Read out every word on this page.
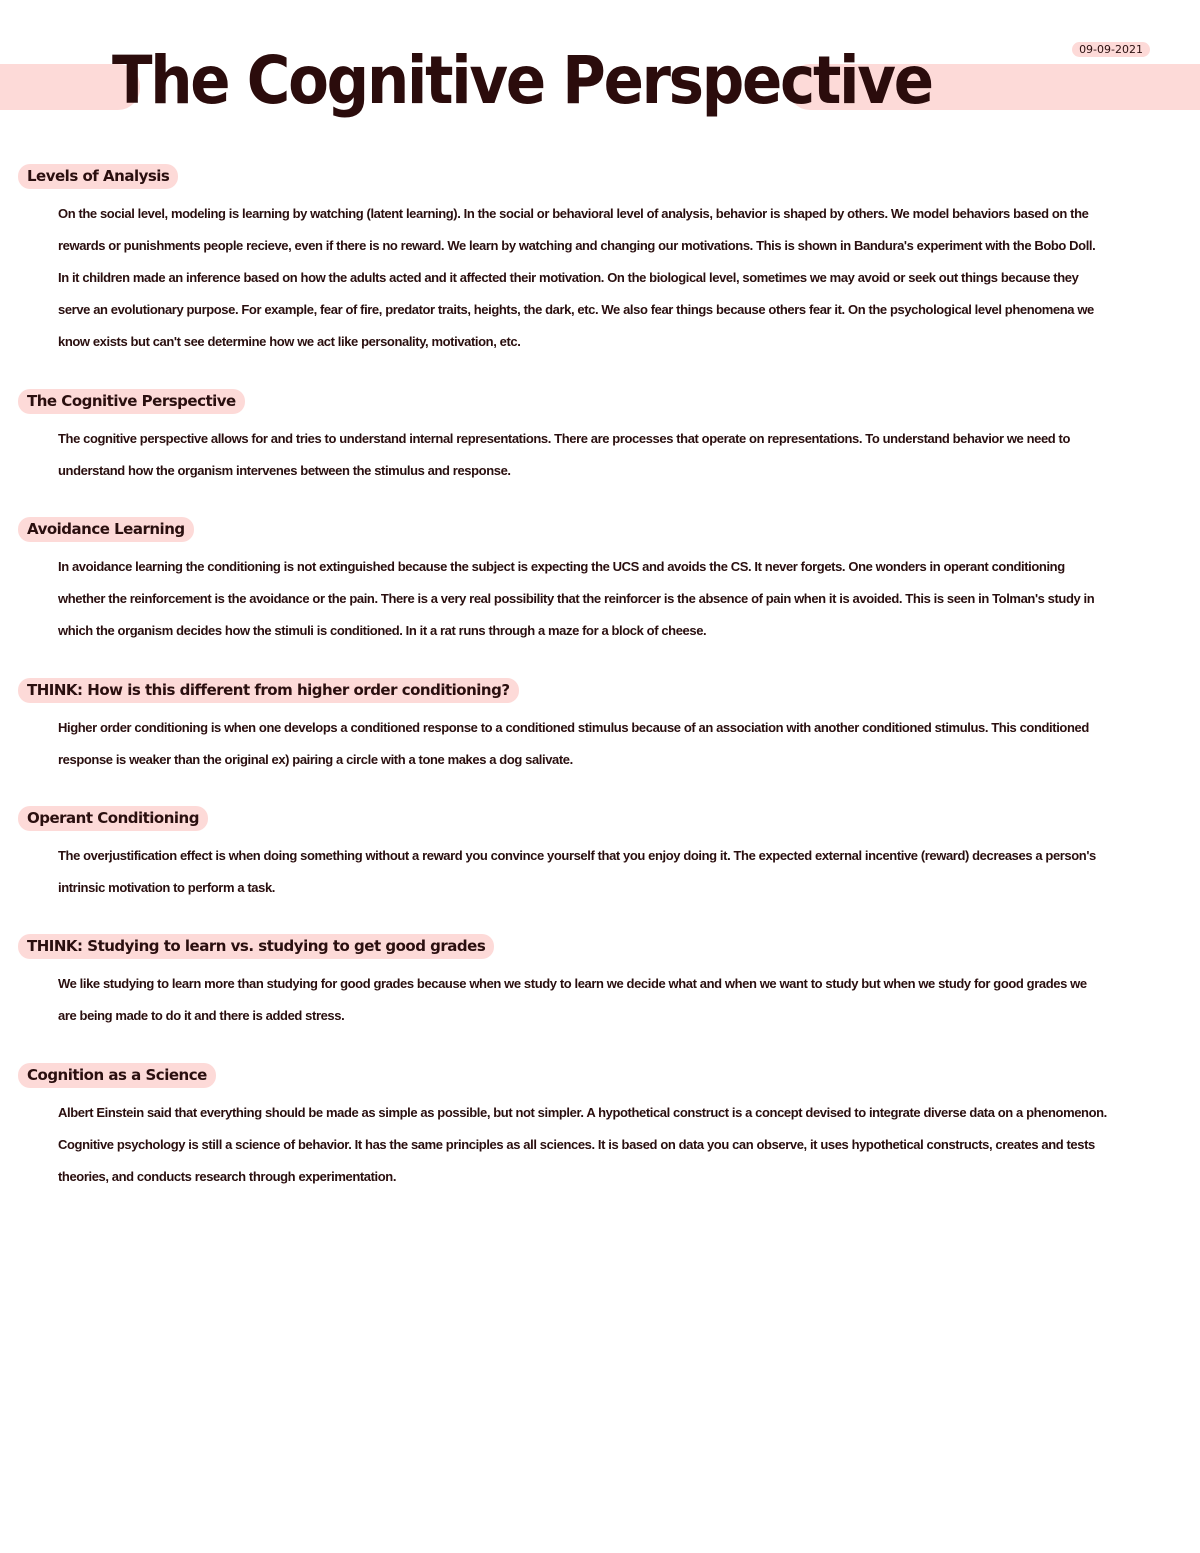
The Cognitive Perspective	09-09-2021
Levels of Analysis

On the social level, modeling is learning by watching (latent learning). In the social or behavioral level of analysis, behavior is shaped by others. We model behaviors based on the rewards or punishments people recieve, even if there is no reward. We learn by watching and changing our motivations. This is shown in Bandura's experiment with the Bobo Doll. In it children made an inference based on how the adults acted and it affected their motivation. On the biological level, sometimes we may avoid or seek out things because they serve an evolutionary purpose. For example, fear of fire, predator traits, heights, the dark, etc. We also fear things because others fear it. On the psychological level phenomena we know exists but can't see determine how we act like personality, motivation, etc.

The Cognitive Perspective

The cognitive perspective allows for and tries to understand internal representations. There are processes that operate on representations. To understand behavior we need to understand how the organism intervenes between the stimulus and response.

Avoidance Learning

In avoidance learning the conditioning is not extinguished because the subject is expecting the UCS and avoids the CS. It never forgets. One wonders in operant conditioning whether the reinforcement is the avoidance or the pain. There is a very real possibility that the reinforcer is the absence of pain when it is avoided. This is seen in Tolman's study in which the organism decides how the stimuli is conditioned. In it a rat runs through a maze for a block of cheese.

THINK: How is this different from higher order conditioning?

Higher order conditioning is when one develops a conditioned response to a conditioned stimulus because of an association with another conditioned stimulus. This conditioned response is weaker than the original ex) pairing a circle with a tone makes a dog salivate.

Operant Conditioning

The overjustification effect is when doing something without a reward you convince yourself that you enjoy doing it. The expected external incentive (reward) decreases a person's intrinsic motivation to perform a task.

THINK: Studying to learn vs. studying to get good grades

We like studying to learn more than studying for good grades because when we study to learn we decide what and when we want to study but when we study for good grades we are being made to do it and there is added stress.

Cognition as a Science

Albert Einstein said that everything should be made as simple as possible, but not simpler. A hypothetical construct is a concept devised to integrate diverse data on a phenomenon. Cognitive psychology is still a science of behavior. It has the same principles as all sciences. It is based on data you can observe, it uses hypothetical constructs, creates and tests theories, and conducts research through experimentation.
